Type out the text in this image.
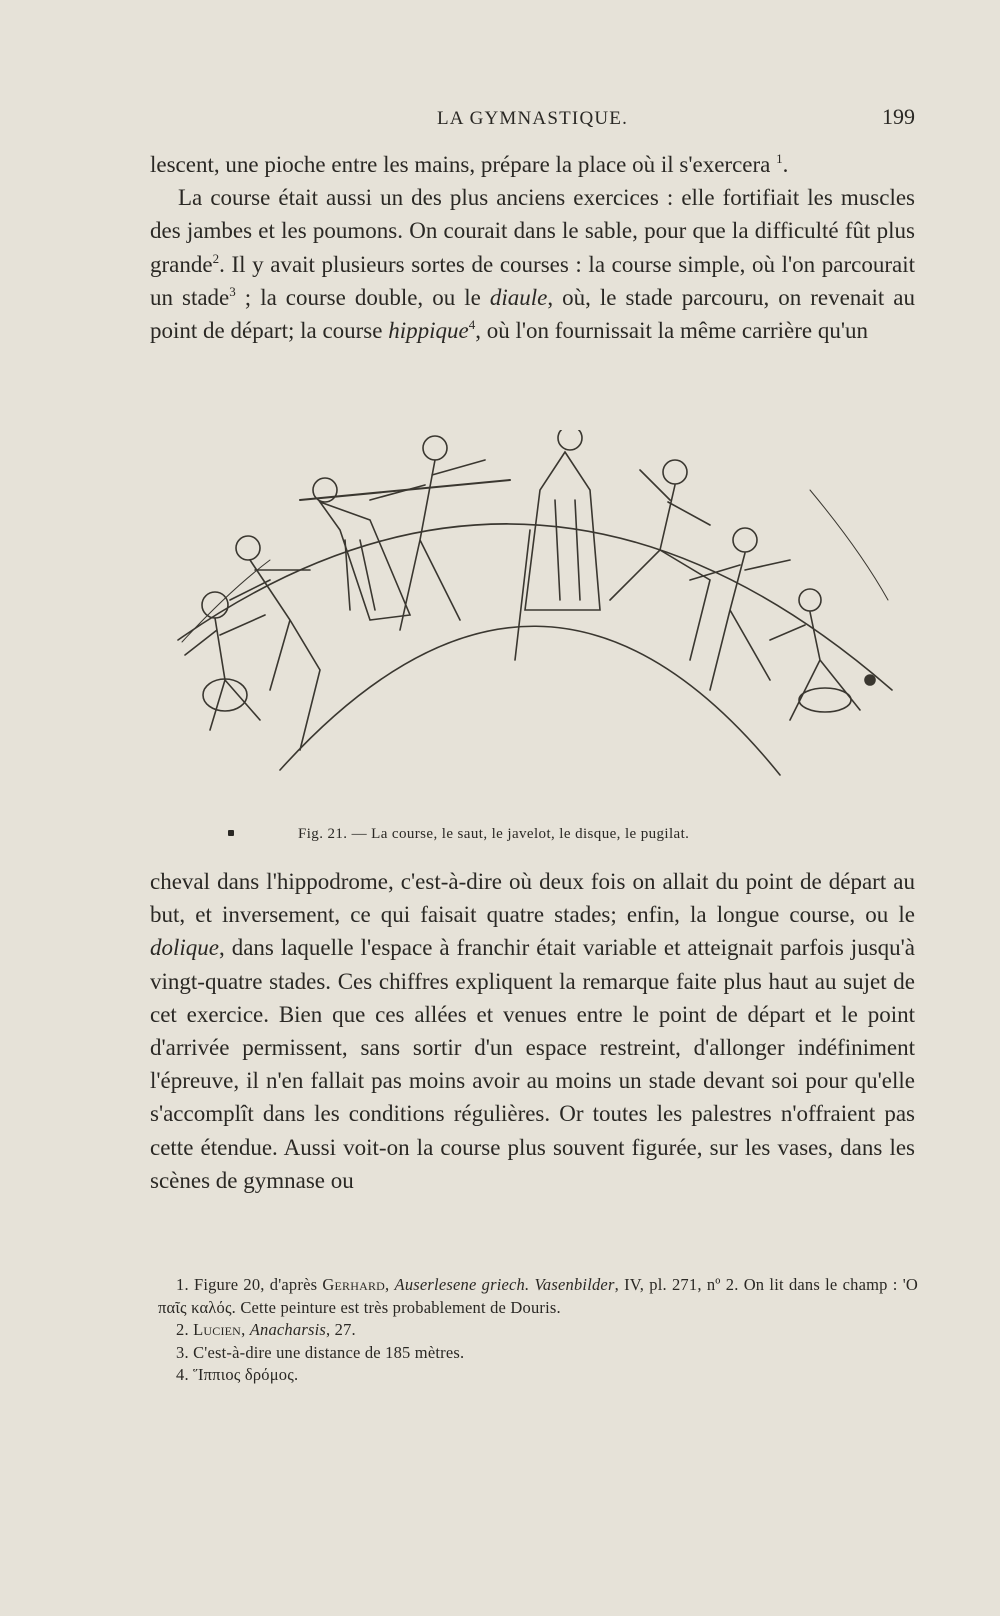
LA GYMNASTIQUE.	199

lescent, une pioche entre les mains, prépare la place où il s'exercera $^1$.

La course était aussi un des plus anciens exercices : elle fortifiait les muscles des jambes et les poumons. On courait dans le sable, pour que la difficulté fût plus grande$^2$. Il y avait plusieurs sortes de courses : la course simple, où l'on parcourait un stade$^3$ ; la course double, ou le diaule, où, le stade parcouru, on revenait au point de départ; la course hippique$^4$, où l'on fournissait la même carrière qu'un

Fig. 21. — La course, le saut, le javelot, le disque, le pugilat.

cheval dans l'hippodrome, c'est-à-dire où deux fois on allait du point de départ au but, et inversement, ce qui faisait quatre stades; enfin, la longue course, ou le dolique, dans laquelle l'espace à franchir était variable et atteignait parfois jusqu'à vingt-quatre stades. Ces chiffres expliquent la remarque faite plus haut au sujet de cet exercice. Bien que ces allées et venues entre le point de départ et le point d'arrivée permissent, sans sortir d'un espace restreint, d'allonger indéfiniment l'épreuve, il n'en fallait pas moins avoir au moins un stade devant soi pour qu'elle s'accomplît dans les conditions régulières. Or toutes les palestres n'offraient pas cette étendue. Aussi voit-on la course plus souvent figurée, sur les vases, dans les scènes de gymnase ou

1. Figure 20, d'après Gerhard, Auserlesene griech. Vasenbilder, IV, pl. 271, nº 2. On lit dans le champ : 'Ο παῖς καλός. Cette peinture est très probablement de Douris.

2. Lucien, Anacharsis, 27.

3. C'est-à-dire une distance de 185 mètres.

4. Ἵππιος δρόμος.
